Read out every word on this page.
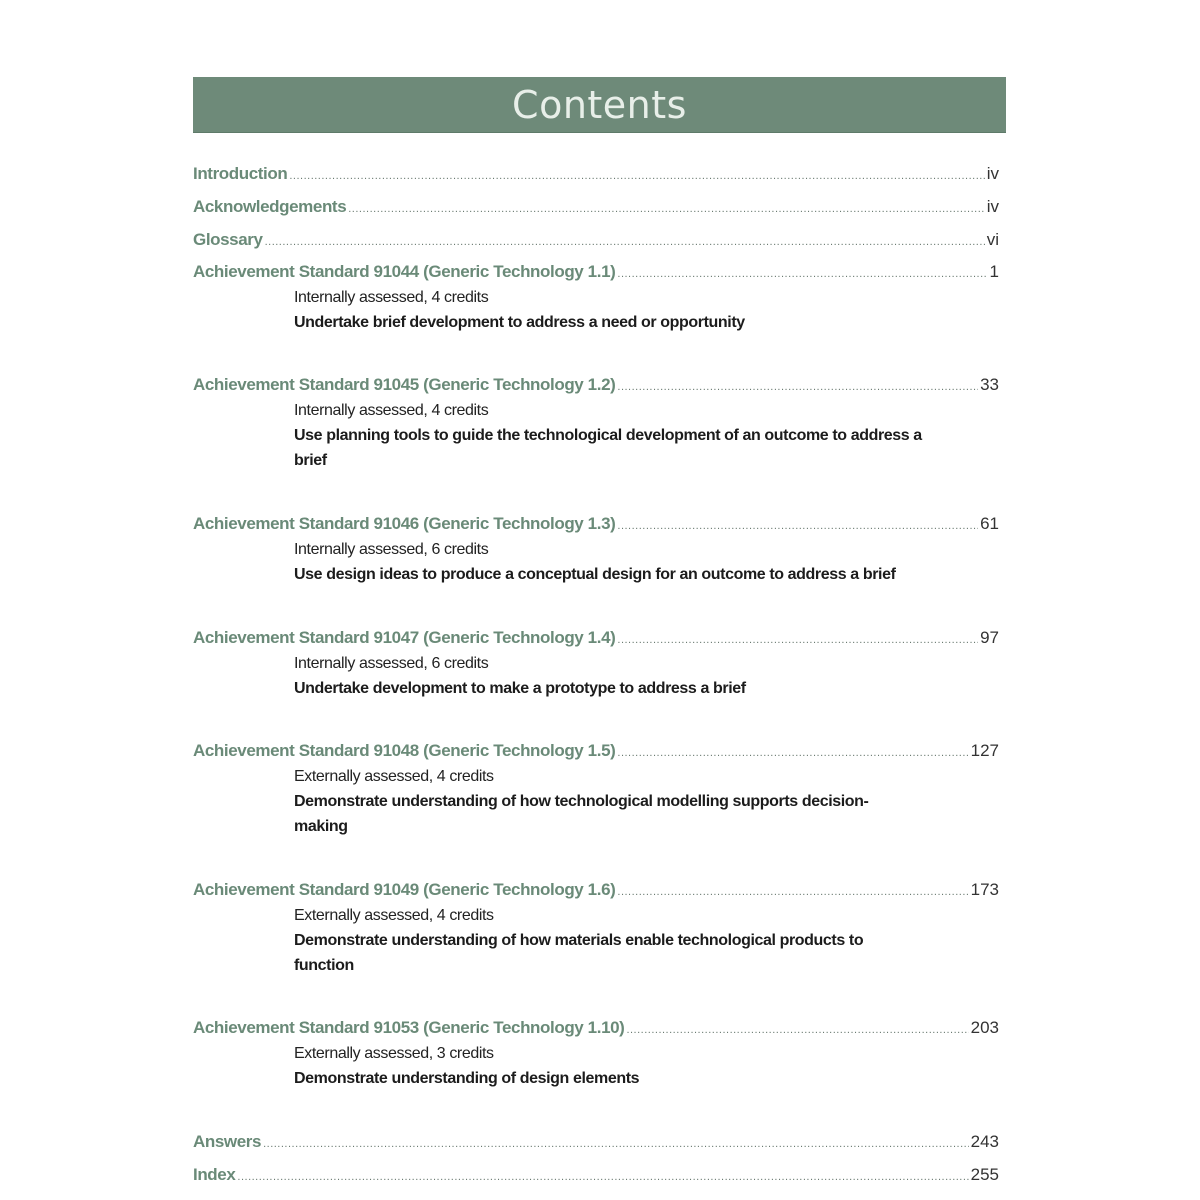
Contents
Introduction .....	iv
Acknowledgements .....	iv
Glossary .....	vi
Achievement Standard 91044 (Generic Technology 1.1) .....	1
Internally assessed, 4 credits
Undertake brief development to address a need or opportunity
Achievement Standard 91045 (Generic Technology 1.2) .....	33
Internally assessed, 4 credits
Use planning tools to guide the technological development of an outcome to address a brief
Achievement Standard 91046 (Generic Technology 1.3) .....	61
Internally assessed, 6 credits
Use design ideas to produce a conceptual design for an outcome to address a brief
Achievement Standard 91047 (Generic Technology 1.4) .....	97
Internally assessed, 6 credits
Undertake development to make a prototype to address a brief
Achievement Standard 91048 (Generic Technology 1.5) .....	127
Externally assessed, 4 credits
Demonstrate understanding of how technological modelling supports decision-making
Achievement Standard 91049 (Generic Technology 1.6) .....	173
Externally assessed, 4 credits
Demonstrate understanding of how materials enable technological products to function
Achievement Standard 91053 (Generic Technology 1.10) .....	203
Externally assessed, 3 credits
Demonstrate understanding of design elements
Answers .....	243
Index .....	255
